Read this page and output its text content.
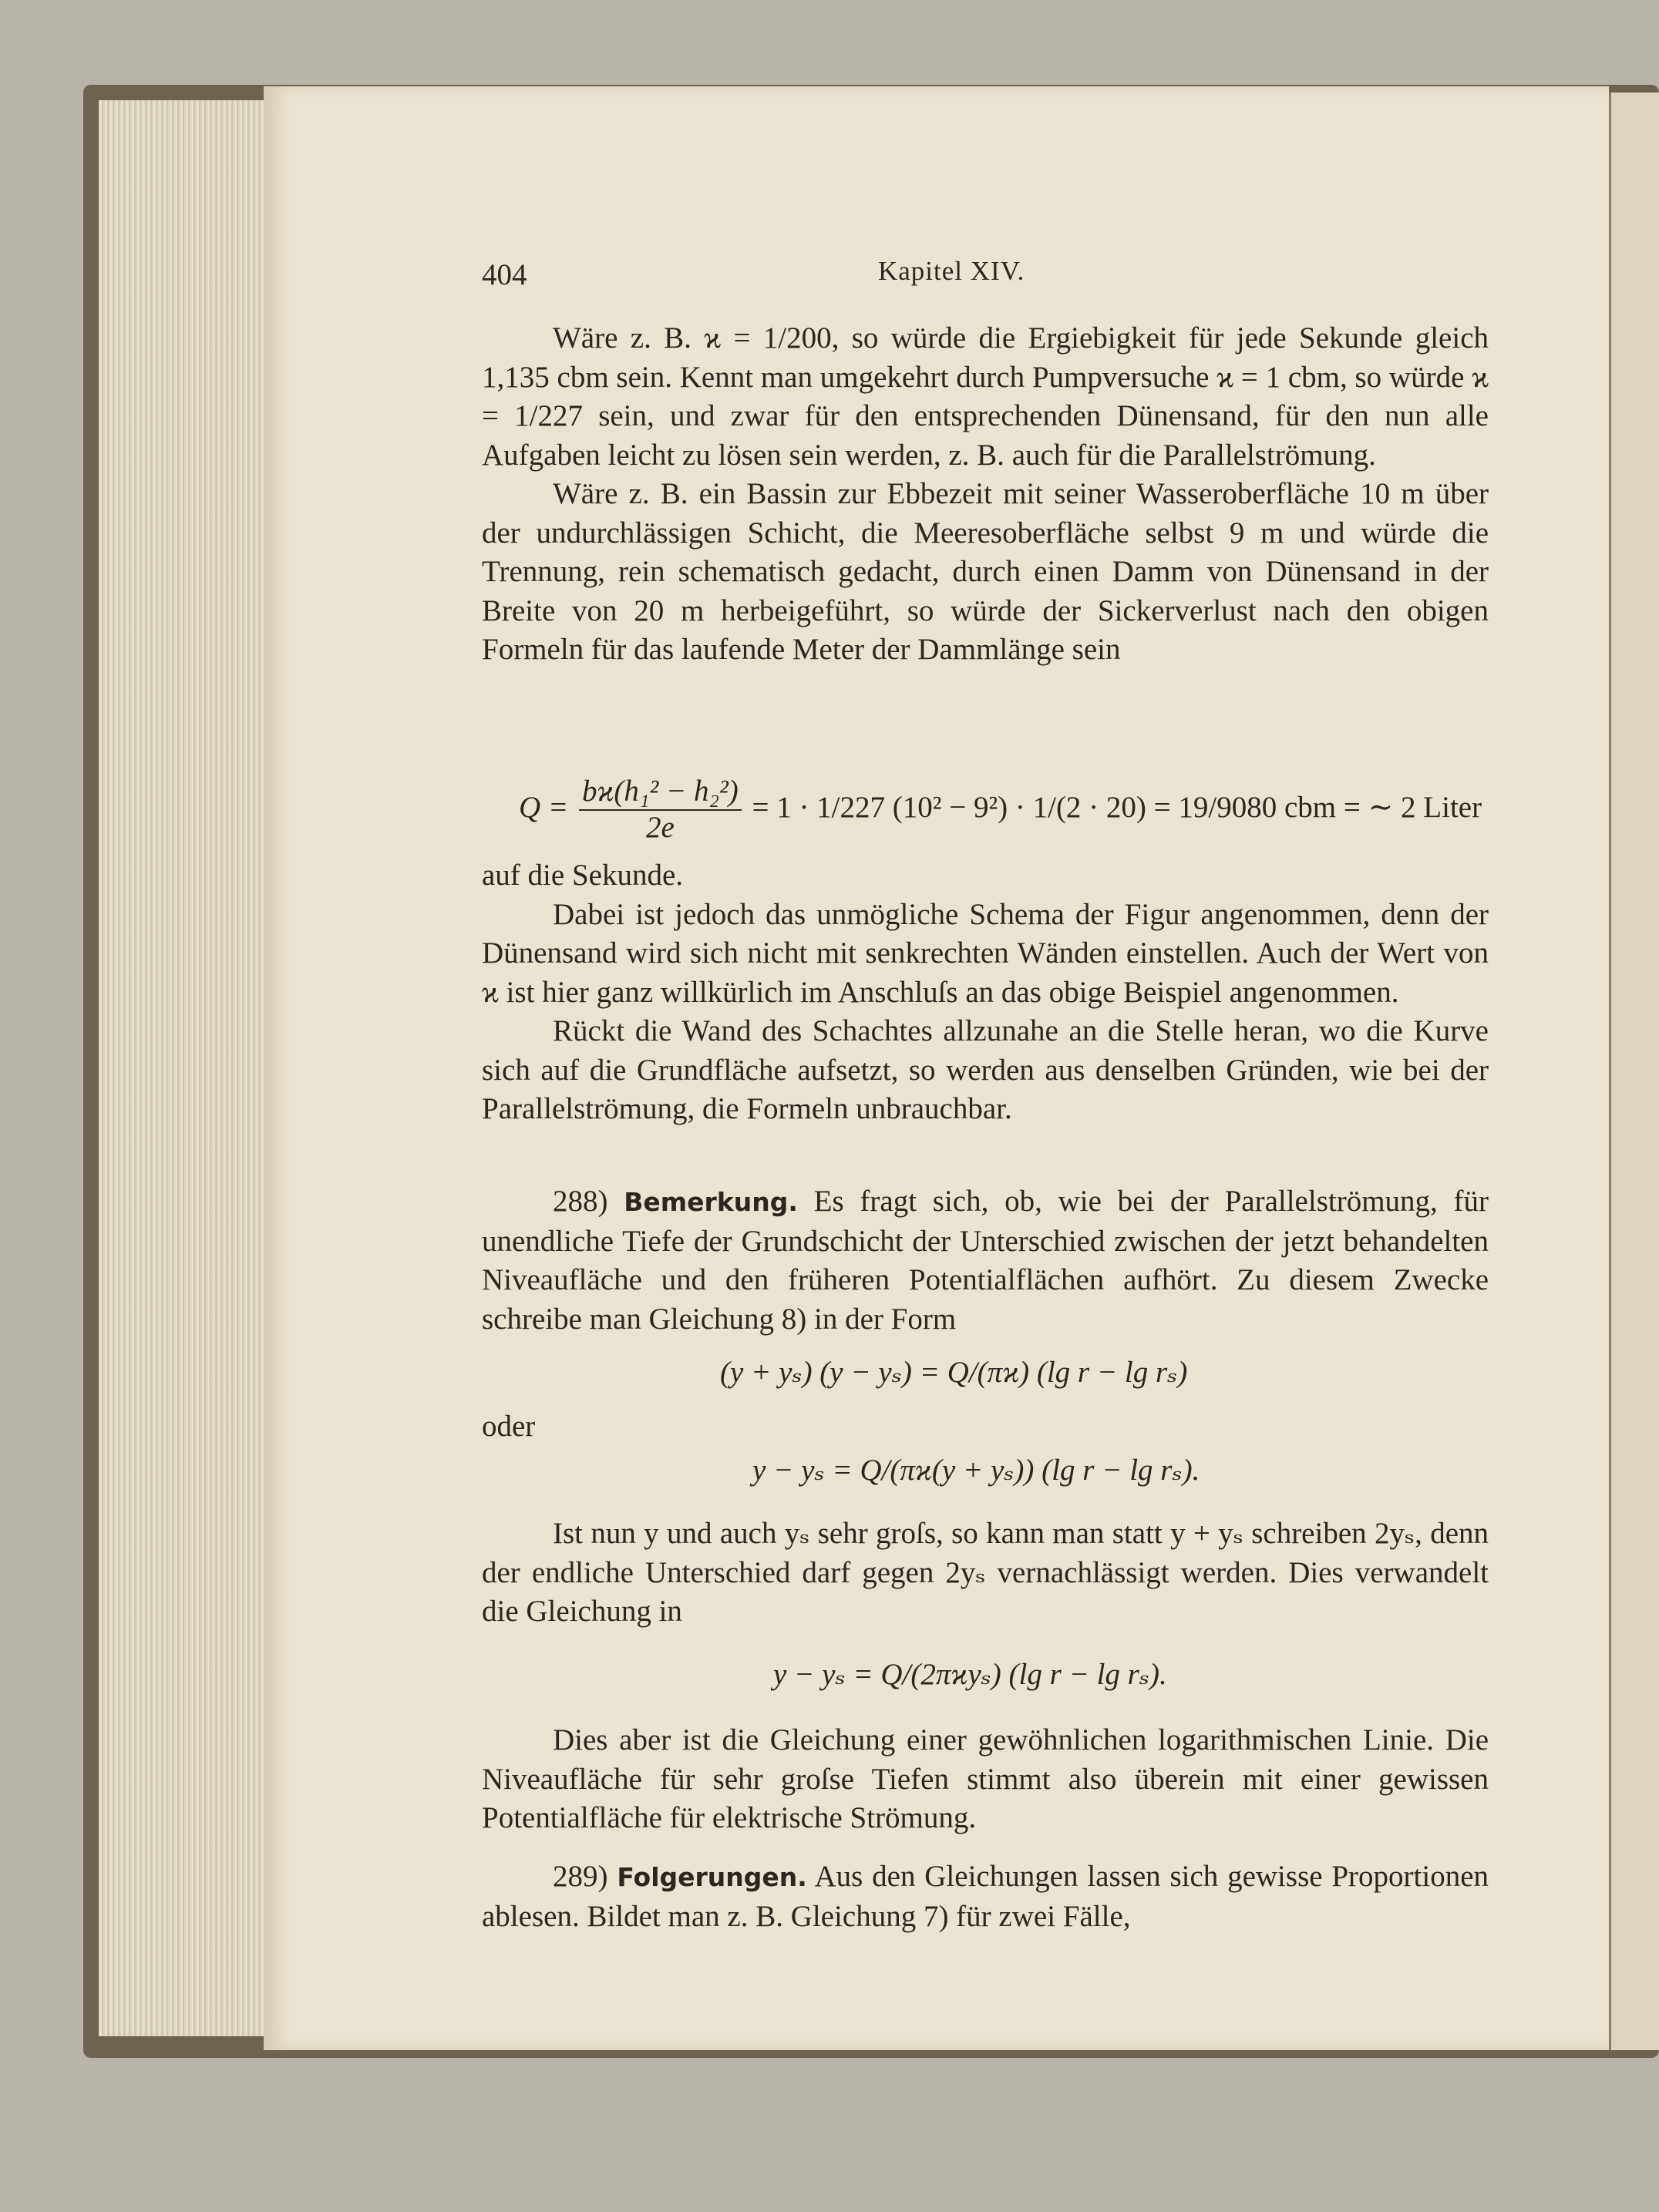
404	Kapitel XIV.

Wäre z. B. ϰ = 1/200, so würde die Ergiebigkeit für jede Sekunde gleich 1,135 cbm sein. Kennt man umgekehrt durch Pumpversuche ϰ = 1 cbm, so würde ϰ = 1/227 sein, und zwar für den entsprechenden Dünensand, für den nun alle Aufgaben leicht zu lösen sein werden, z. B. auch für die Parallelströmung.

Wäre z. B. ein Bassin zur Ebbezeit mit seiner Wasseroberfläche 10 m über der undurchlässigen Schicht, die Meeresoberfläche selbst 9 m und würde die Trennung, rein schematisch gedacht, durch einen Damm von Dünensand in der Breite von 20 m herbeigeführt, so würde der Sickerverlust nach den obigen Formeln für das laufende Meter der Dammlänge sein

$Q = \frac{\text{bϰ(h₁² − h₂²)}}{2e} = 1 \cdot 1/227$ (10² − 9²) · 1/(2 · 20) = 19/9080 cbm = ∼ 2 Liter

auf die Sekunde.

Dabei ist jedoch das unmögliche Schema der Figur angenommen, denn der Dünensand wird sich nicht mit senkrechten Wänden einstellen. Auch der Wert von ϰ ist hier ganz willkürlich im Anschluſs an das obige Beispiel angenommen.

Rückt die Wand des Schachtes allzunahe an die Stelle heran, wo die Kurve sich auf die Grundfläche aufsetzt, so werden aus denselben Gründen, wie bei der Parallelströmung, die Formeln unbrauchbar.

288) Bemerkung. Es fragt sich, ob, wie bei der Parallelströmung, für unendliche Tiefe der Grundschicht der Unterschied zwischen der jetzt behandelten Niveaufläche und den früheren Potentialflächen aufhört. Zu diesem Zwecke schreibe man Gleichung 8) in der Form

(y + yₛ) (y − yₛ) = Q/(πϰ) (lg r − lg rₛ)
oder
y − yₛ = Q/(πϰ(y + yₛ)) (lg r − lg rₛ).

Ist nun y und auch yₛ sehr groſs, so kann man statt y + yₛ schreiben 2yₛ, denn der endliche Unterschied darf gegen 2yₛ vernachlässigt werden. Dies verwandelt die Gleichung in

y − yₛ = Q/(2πϰyₛ) (lg r − lg rₛ).

Dies aber ist die Gleichung einer gewöhnlichen logarithmischen Linie. Die Niveaufläche für sehr groſse Tiefen stimmt also überein mit einer gewissen Potentialfläche für elektrische Strömung.

289) Folgerungen. Aus den Gleichungen lassen sich gewisse Proportionen ablesen. Bildet man z. B. Gleichung 7) für zwei Fälle,
